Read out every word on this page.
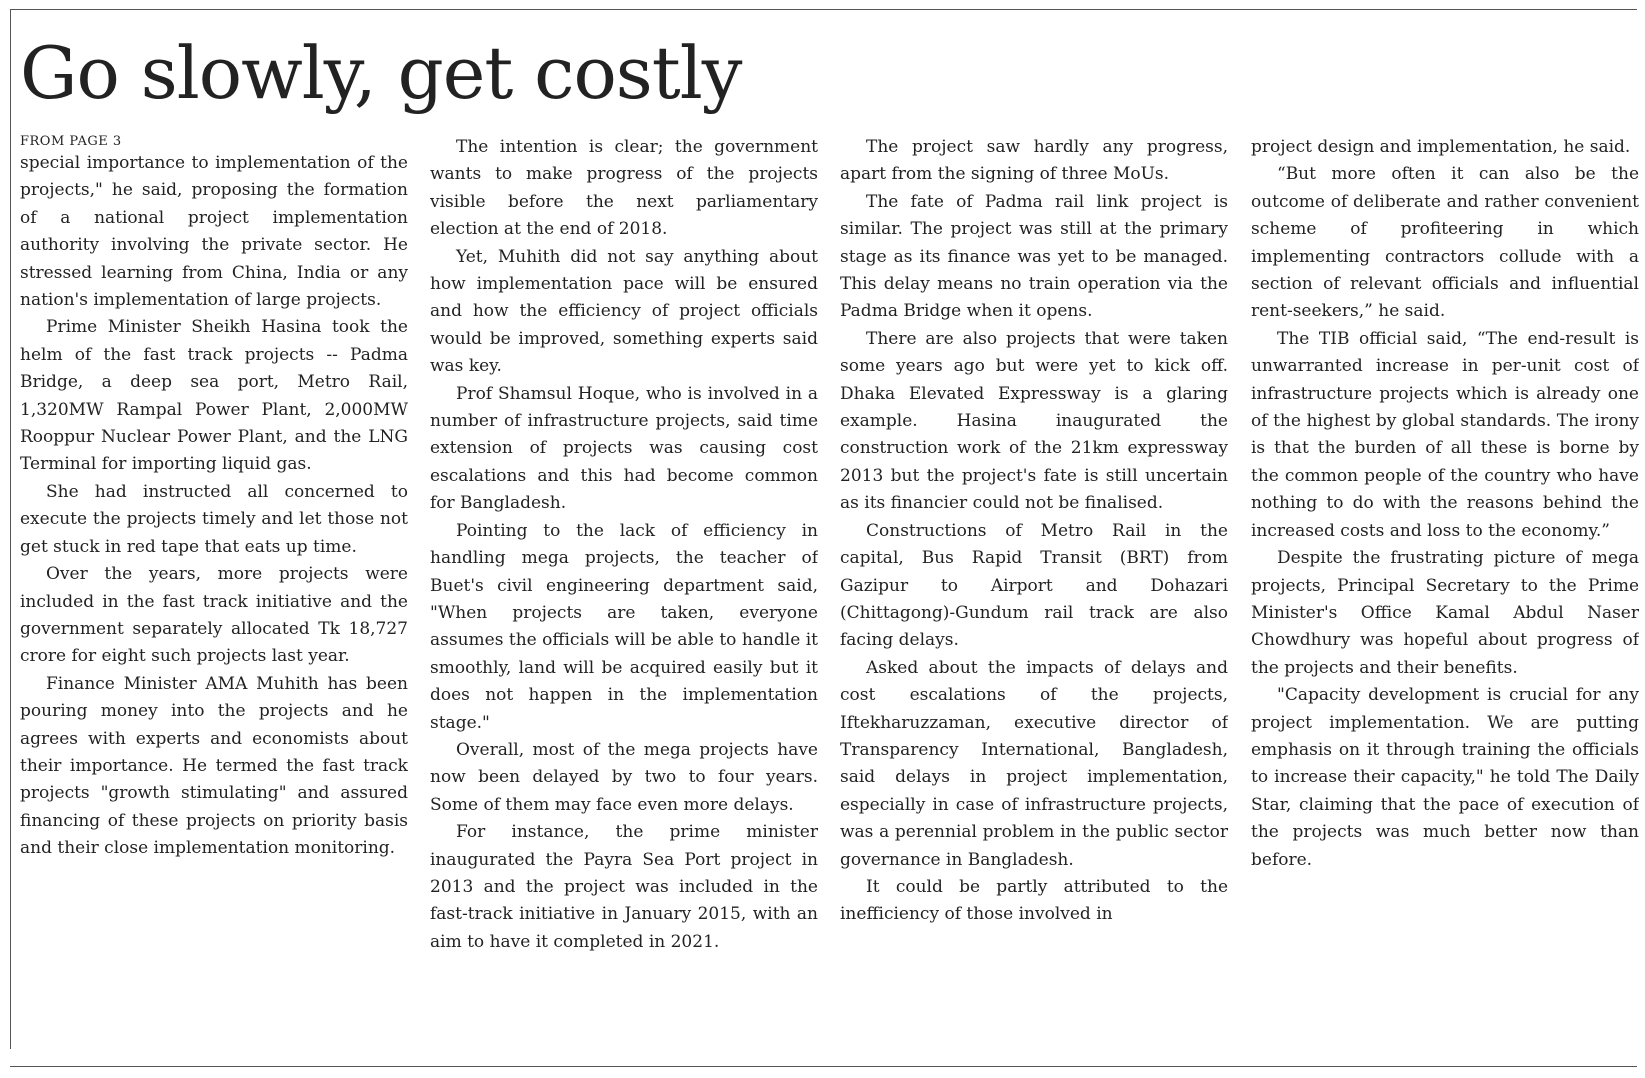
Go slowly, get costly
FROM PAGE 3

special importance to implementation of the projects," he said, proposing the formation of a national project implementation authority involving the private sector. He stressed learning from China, India or any nation's implementation of large projects.

Prime Minister Sheikh Hasina took the helm of the fast track projects -- Padma Bridge, a deep sea port, Metro Rail, 1,320MW Rampal Power Plant, 2,000MW Rooppur Nuclear Power Plant, and the LNG Terminal for importing liquid gas.

She had instructed all concerned to execute the projects timely and let those not get stuck in red tape that eats up time.

Over the years, more projects were included in the fast track initiative and the government separately allocated Tk 18,727 crore for eight such projects last year.

Finance Minister AMA Muhith has been pouring money into the projects and he agrees with experts and economists about their importance. He termed the fast track projects "growth stimulating" and assured financing of these projects on priority basis and their close implementation monitoring.

The intention is clear; the government wants to make progress of the projects visible before the next parliamentary election at the end of 2018.

Yet, Muhith did not say anything about how implementation pace will be ensured and how the efficiency of project officials would be improved, something experts said was key.

Prof Shamsul Hoque, who is involved in a number of infrastructure projects, said time extension of projects was causing cost escalations and this had become common for Bangladesh.

Pointing to the lack of efficiency in handling mega projects, the teacher of Buet's civil engineering department said, "When projects are taken, everyone assumes the officials will be able to handle it smoothly, land will be acquired easily but it does not happen in the implementation stage."

Overall, most of the mega projects have now been delayed by two to four years. Some of them may face even more delays.

For instance, the prime minister inaugurated the Payra Sea Port project in 2013 and the project was included in the fast-track initiative in January 2015, with an aim to have it completed in 2021.

The project saw hardly any progress, apart from the signing of three MoUs.

The fate of Padma rail link project is similar. The project was still at the primary stage as its finance was yet to be managed. This delay means no train operation via the Padma Bridge when it opens.

There are also projects that were taken some years ago but were yet to kick off. Dhaka Elevated Expressway is a glaring example. Hasina inaugurated the construction work of the 21km expressway 2013 but the project's fate is still uncertain as its financier could not be finalised.

Constructions of Metro Rail in the capital, Bus Rapid Transit (BRT) from Gazipur to Airport and Dohazari (Chittagong)-Gundum rail track are also facing delays.

Asked about the impacts of delays and cost escalations of the projects, Iftekharuzzaman, executive director of Transparency International, Bangladesh, said delays in project implementation, especially in case of infrastructure projects, was a perennial problem in the public sector governance in Bangladesh.

It could be partly attributed to the inefficiency of those involved in

project design and implementation, he said.

“But more often it can also be the outcome of deliberate and rather convenient scheme of profiteering in which implementing contractors collude with a section of relevant officials and influential rent-seekers,” he said.

The TIB official said, “The end-result is unwarranted increase in per-unit cost of infrastructure projects which is already one of the highest by global standards. The irony is that the burden of all these is borne by the common people of the country who have nothing to do with the reasons behind the increased costs and loss to the economy.”

Despite the frustrating picture of mega projects, Principal Secretary to the Prime Minister's Office Kamal Abdul Naser Chowdhury was hopeful about progress of the projects and their benefits.

"Capacity development is crucial for any project implementation. We are putting emphasis on it through training the officials to increase their capacity," he told The Daily Star, claiming that the pace of execution of the projects was much better now than before.
